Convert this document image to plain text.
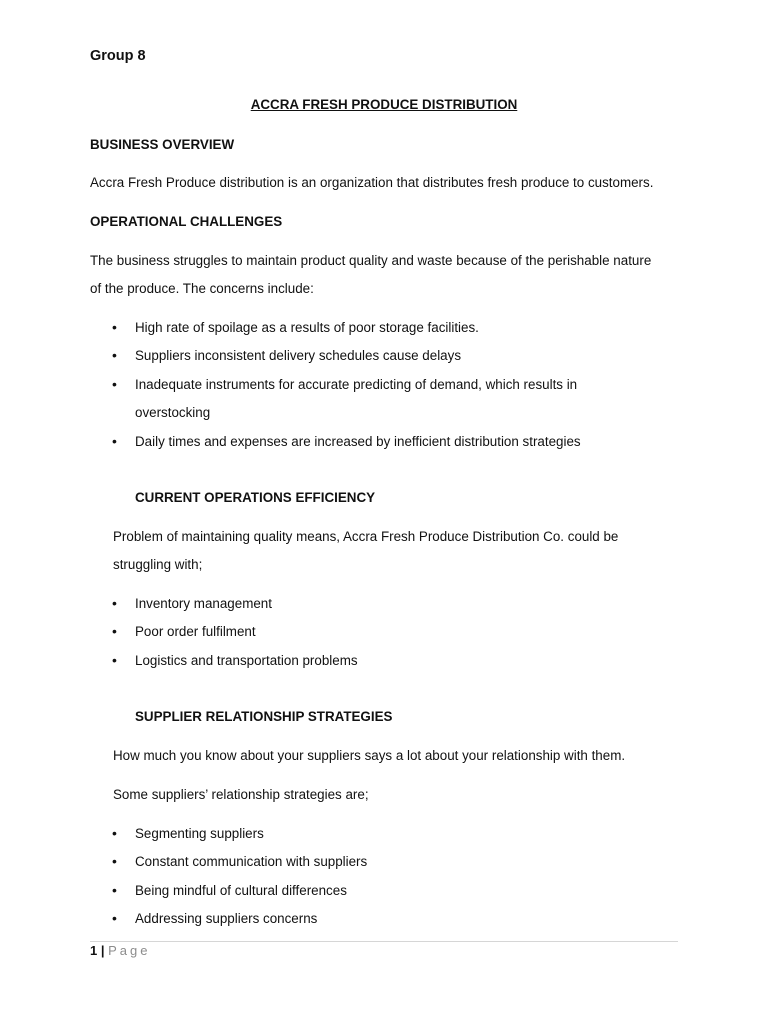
Group 8
ACCRA FRESH PRODUCE DISTRIBUTION
BUSINESS OVERVIEW
Accra Fresh Produce distribution is an organization that distributes fresh produce to customers.
OPERATIONAL CHALLENGES
The business struggles to maintain product quality and waste because of the perishable nature
of the produce. The concerns include:
• High rate of spoilage as a results of poor storage facilities.
• Suppliers inconsistent delivery schedules cause delays
• Inadequate instruments for accurate predicting of demand, which results in
overstocking
• Daily times and expenses are increased by inefficient distribution strategies
CURRENT OPERATIONS EFFICIENCY
Problem of maintaining quality means, Accra Fresh Produce Distribution Co. could be
struggling with;
• Inventory management
• Poor order fulfilment
• Logistics and transportation problems
SUPPLIER RELATIONSHIP STRATEGIES
How much you know about your suppliers says a lot about your relationship with them.
Some suppliers’ relationship strategies are;
• Segmenting suppliers
• Constant communication with suppliers
• Being mindful of cultural differences
• Addressing suppliers concerns
1 | Page
